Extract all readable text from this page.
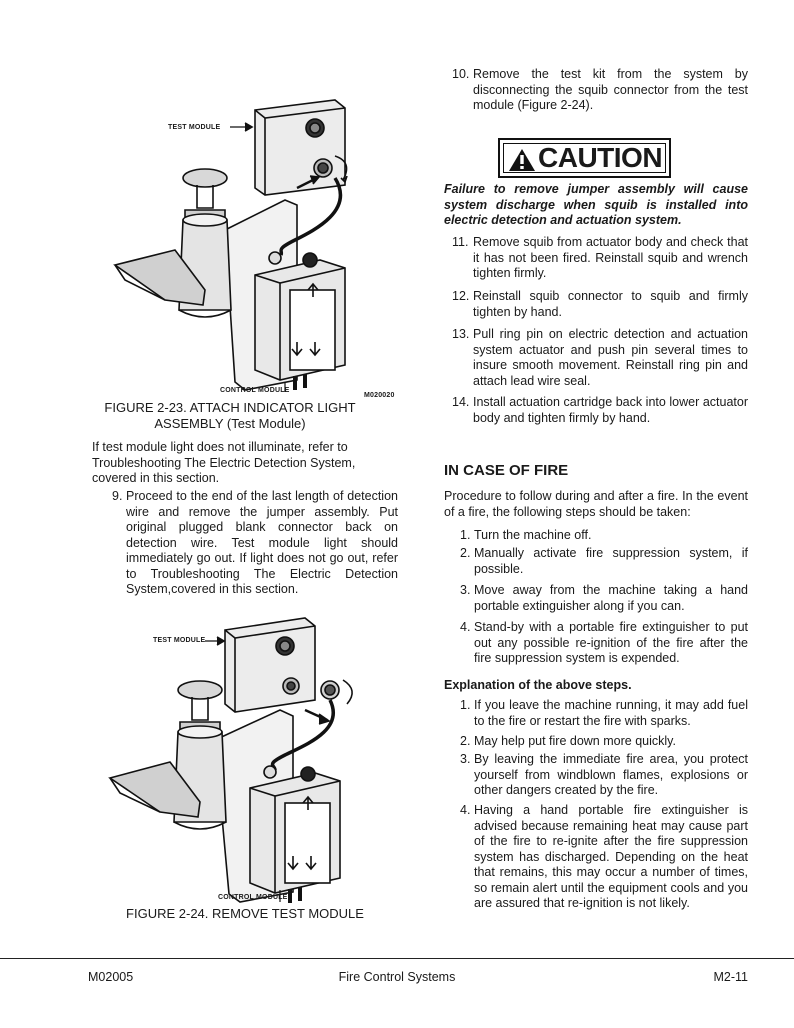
TEST MODULE
CONTROL MODULE
M020020
FIGURE 2-23. ATTACH INDICATOR LIGHT
ASSEMBLY (Test Module)
If test module light does not illuminate, refer to Troubleshooting The Electric Detection System, covered in this section.
9. Proceed to the end of the last length of detection wire and remove the jumper assembly. Put original plugged blank connector back on detection wire. Test module light should immediately go out. If light does not go out, refer to Troubleshooting The Electric Detection System,covered in this section.
TEST MODULE
CONTROL MODULE
FIGURE 2-24. REMOVE TEST MODULE
10. Remove the test kit from the system by disconnecting the squib connector from the test module (Figure 2-24).
CAUTION
Failure to remove jumper assembly will cause system discharge when squib is installed into electric detection and actuation system.
11. Remove squib from actuator body and check that it has not been fired. Reinstall squib and wrench tighten firmly.
12. Reinstall squib connector to squib and firmly tighten by hand.
13. Pull ring pin on electric detection and actuation system actuator and push pin several times to insure smooth movement. Reinstall ring pin and attach lead wire seal.
14. Install actuation cartridge back into lower actuator body and tighten firmly by hand.
IN CASE OF FIRE
Procedure to follow during and after a fire. In the event of a fire, the following steps should be taken:
1. Turn the machine off.
2. Manually activate fire suppression system, if possible.
3. Move away from the machine taking a hand portable extinguisher along if you can.
4. Stand-by with a portable fire extinguisher to put out any possible re-ignition of the fire after the fire suppression system is expended.
Explanation of the above steps.
1. If you leave the machine running, it may add fuel to the fire or restart the fire with sparks.
2. May help put fire down more quickly.
3. By leaving the immediate fire area, you protect yourself from windblown flames, explosions or other dangers created by the fire.
4. Having a hand portable fire extinguisher is advised because remaining heat may cause part of the fire to re-ignite after the fire suppression system has discharged. Depending on the heat that remains, this may occur a number of times, so remain alert until the equipment cools and you are assured that re-ignition is not likely.
M02005	Fire Control Systems	M2-11
